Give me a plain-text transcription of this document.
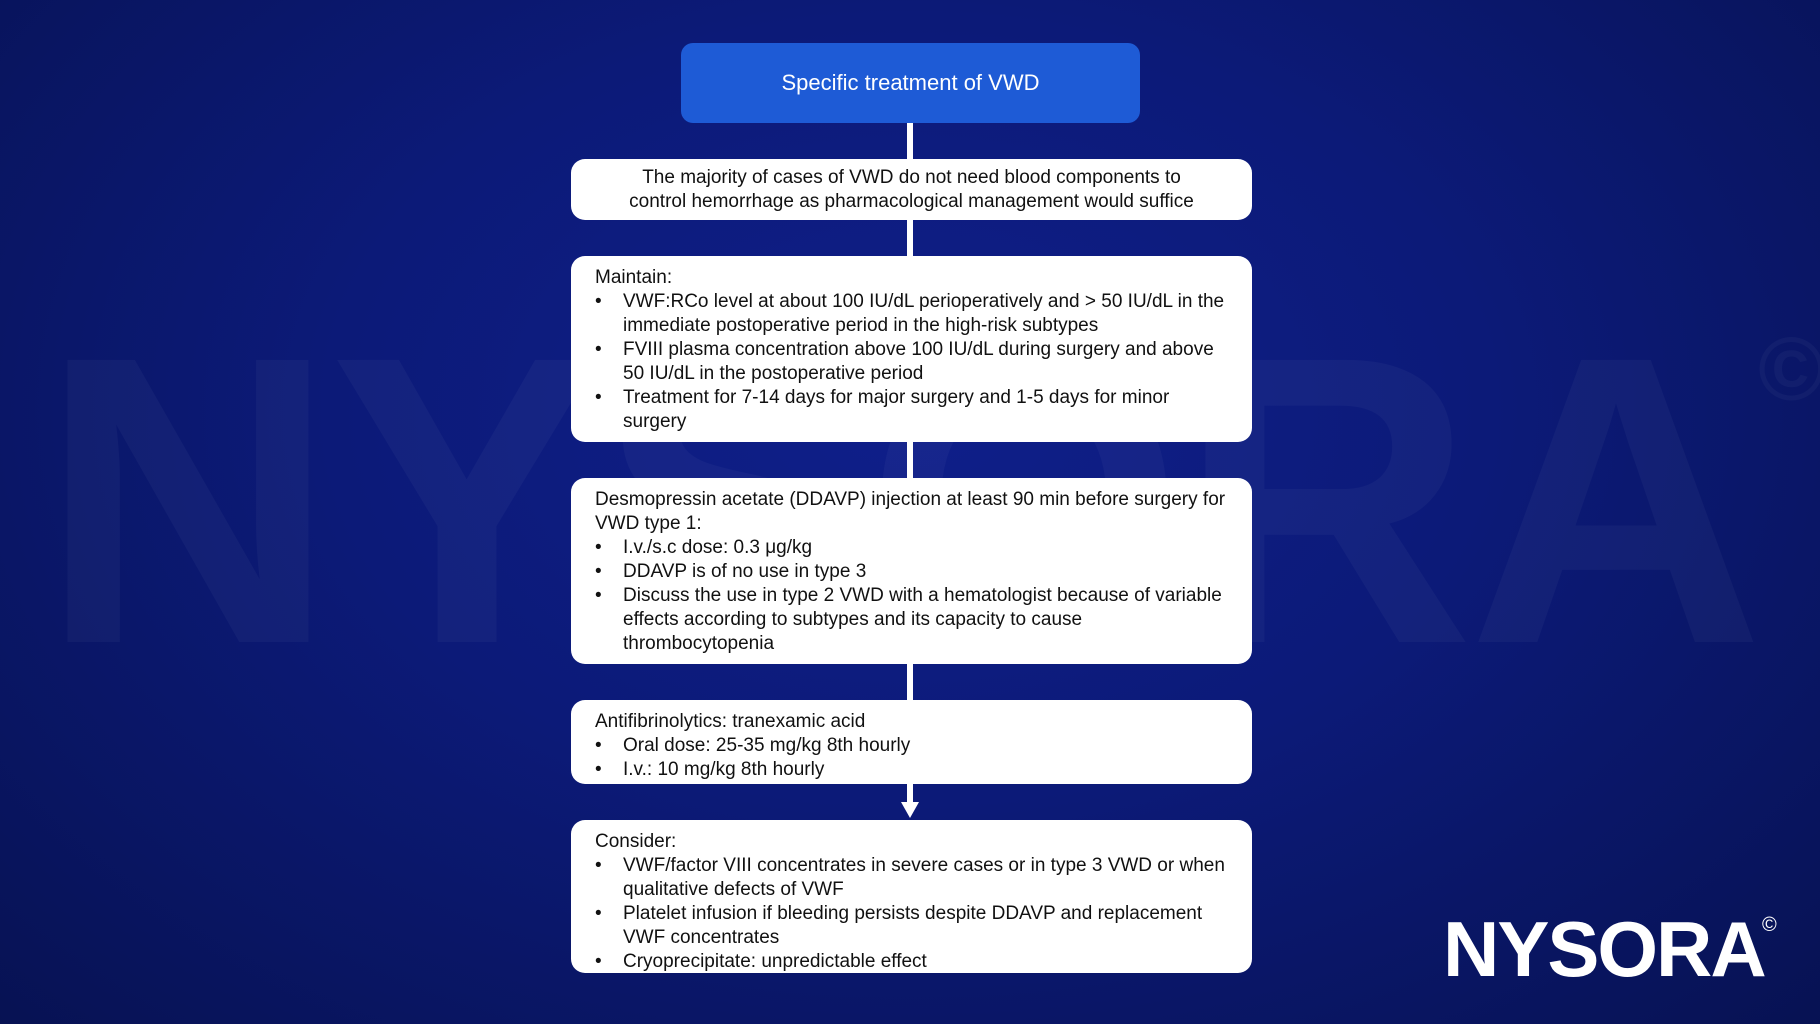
Specific treatment of VWD
The majority of cases of VWD do not need blood components to
control hemorrhage as pharmacological management would suffice
Maintain:
• VWF:RCo level at about 100 IU/dL perioperatively and > 50 IU/dL in the immediate postoperative period in the high-risk subtypes
• FVIII plasma concentration above 100 IU/dL during surgery and above 50 IU/dL in the postoperative period
• Treatment for 7-14 days for major surgery and 1-5 days for minor surgery
Desmopressin acetate (DDAVP) injection at least 90 min before surgery for VWD type 1:
• I.v./s.c dose: 0.3 μg/kg
• DDAVP is of no use in type 3
• Discuss the use in type 2 VWD with a hematologist because of variable effects according to subtypes and its capacity to cause thrombocytopenia
Antifibrinolytics: tranexamic acid
• Oral dose: 25-35 mg/kg 8th hourly
• I.v.: 10 mg/kg 8th hourly
Consider:
• VWF/factor VIII concentrates in severe cases or in type 3 VWD or when qualitative defects of VWF
• Platelet infusion if bleeding persists despite DDAVP and replacement VWF concentrates
• Cryoprecipitate: unpredictable effect	NYSORA
©
